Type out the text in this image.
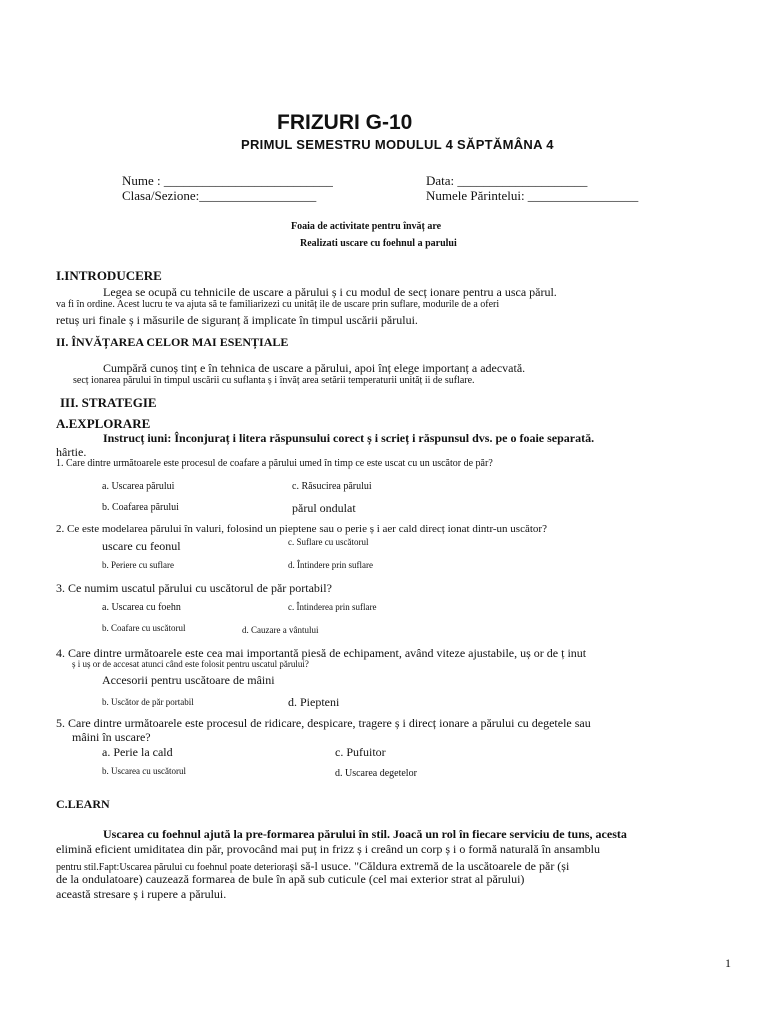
FRIZURI G-10
PRIMUL SEMESTRU MODULUL 4 SĂPTĂMÂNA 4
Nume : __________________________	Data: ____________________
Clasa/Sezione:__________________	Numele Părintelui: _________________
Foaia de activitate pentru învăț are
Realizati uscare cu foehnul a parului
I.INTRODUCERE
Legea se ocupă cu tehnicile de uscare a părului ș i cu modul de secț ionare pentru a usca părul.
va fi în ordine. Acest lucru te va ajuta să te familiarizezi cu unităț ile de uscare prin suflare, modurile de a oferi
retuș uri finale ș i măsurile de siguranț ă implicate în timpul uscării părului.
II. ÎNVĂȚAREA CELOR MAI ESENȚIALE
Cumpără cunoș tinț e în tehnica de uscare a părului, apoi înț elege importanț a adecvată.
secț ionarea părului în timpul uscării cu suflanta ș i învăț area setării temperaturii unităț ii de suflare.
III. STRATEGIE
A.EXPLORARE
Instrucț iuni: Înconjuraț i litera răspunsului corect ș i scrieț i răspunsul dvs. pe o foaie separată.
hârtie.
1. Care dintre următoarele este procesul de coafare a părului umed în timp ce este uscat cu un uscător de păr?
a. Uscarea părului	c. Răsucirea părului
b. Coafarea părului	părul ondulat
2. Ce este modelarea părului în valuri, folosind un pieptene sau o perie ș i aer cald direcț ionat dintr-un uscător?
uscare cu feonul	c. Suflare cu uscătorul
b. Periere cu suflare	d. Întindere prin suflare
3. Ce numim uscatul părului cu uscătorul de păr portabil?
a. Uscarea cu foehn	c. Întinderea prin suflare
b. Coafare cu uscătorul	d. Cauzare a vântului
4. Care dintre următoarele este cea mai importantă piesă de echipament, având viteze ajustabile, uș or de ț inut
ș i uș or de accesat atunci când este folosit pentru uscatul părului?
Accesorii pentru uscătoare de mâini
b. Uscător de păr portabil	d. Piepteni
5. Care dintre următoarele este procesul de ridicare, despicare, tragere ș i direcț ionare a părului cu degetele sau
mâini în uscare?
a. Perie la cald	c. Pufuitor
b. Uscarea cu uscătorul	d. Uscarea degetelor
C.LEARN
Uscarea cu foehnul ajută la pre-formarea părului în stil. Joacă un rol în fiecare serviciu de tuns, acesta
elimină eficient umiditatea din păr, provocând mai puț in frizz ș i creând un corp ș i o formă naturală în ansamblu
pentru stil.Fapt:Uscarea părului cu foehnul poate deteriorași să-l usuce. "Căldura extremă de la uscătoarele de păr (și
de la ondulatoare) cauzează formarea de bule în apă sub cuticule (cel mai exterior strat al părului)
această stresare ș i rupere a părului.
1
